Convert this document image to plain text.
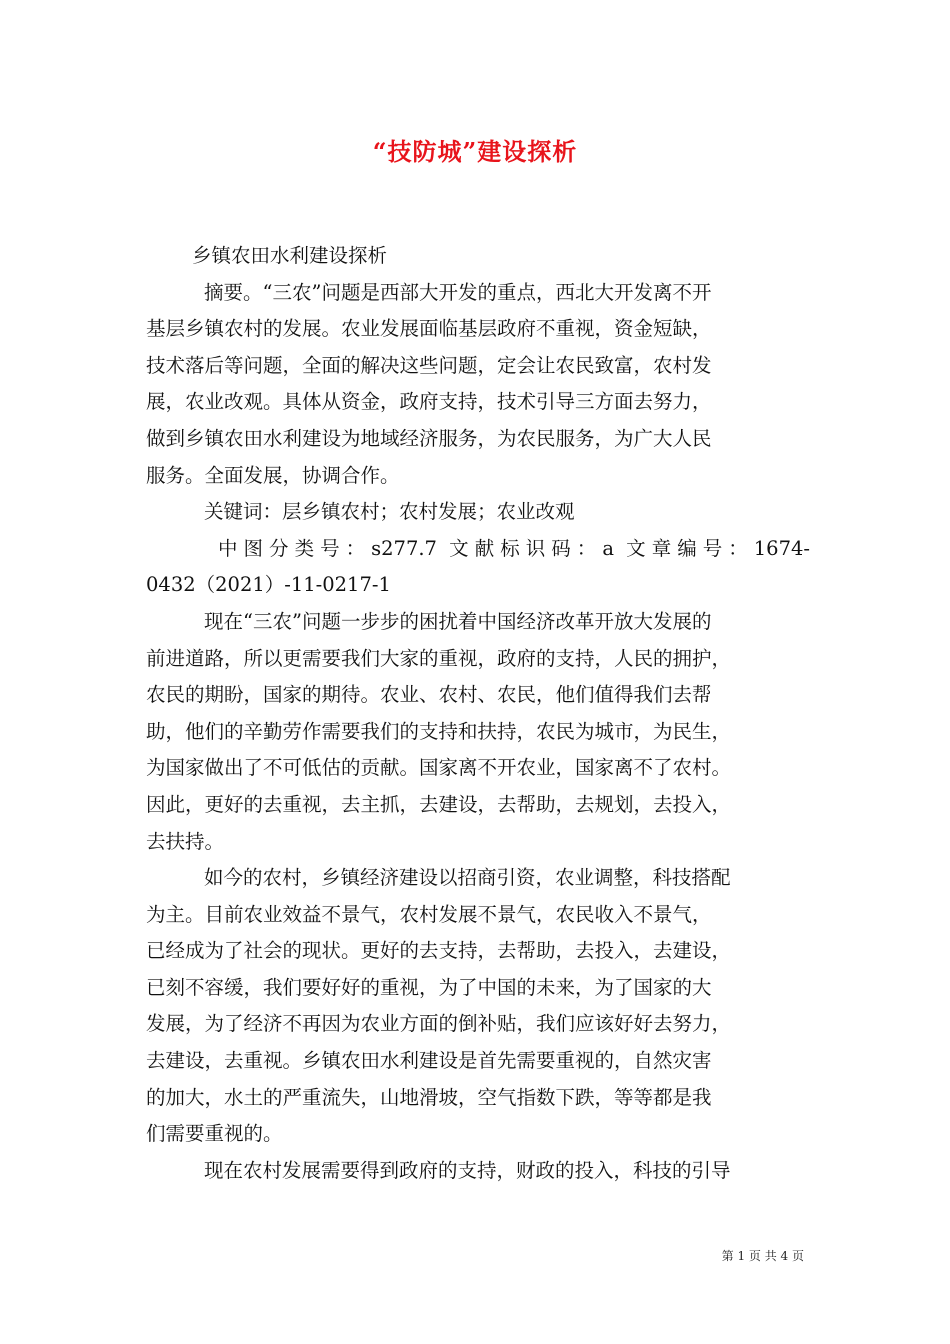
“技防城”建设探析
乡镇农田水利建设探析
摘要。“三农”问题是西部大开发的重点，西北大开发离不开
基层乡镇农村的发展。农业发展面临基层政府不重视，资金短缺，
技术落后等问题，全面的解决这些问题，定会让农民致富，农村发
展，农业改观。具体从资金，政府支持，技术引导三方面去努力，
做到乡镇农田水利建设为地域经济服务，为农民服务，为广大人民
服务。全面发展，协调合作。
关键词：层乡镇农村；农村发展；农业改观
中图分类号：s277.7 文献标识码：a 文章编号：1674-
0432（2021）-11-0217-1
现在“三农”问题一步步的困扰着中国经济改革开放大发展的
前进道路，所以更需要我们大家的重视，政府的支持，人民的拥护，
农民的期盼，国家的期待。农业、农村、农民，他们值得我们去帮
助，他们的辛勤劳作需要我们的支持和扶持，农民为城市，为民生，
为国家做出了不可低估的贡献。国家离不开农业，国家离不了农村。
因此，更好的去重视，去主抓，去建设，去帮助，去规划，去投入，
去扶持。
如今的农村，乡镇经济建设以招商引资，农业调整，科技搭配
为主。目前农业效益不景气，农村发展不景气，农民收入不景气，
已经成为了社会的现状。更好的去支持，去帮助，去投入，去建设，
已刻不容缓，我们要好好的重视，为了中国的未来，为了国家的大
发展，为了经济不再因为农业方面的倒补贴，我们应该好好去努力，
去建设，去重视。乡镇农田水利建设是首先需要重视的，自然灾害
的加大，水土的严重流失，山地滑坡，空气指数下跌，等等都是我
们需要重视的。
现在农村发展需要得到政府的支持，财政的投入，科技的引导
第 1 页 共 4 页
